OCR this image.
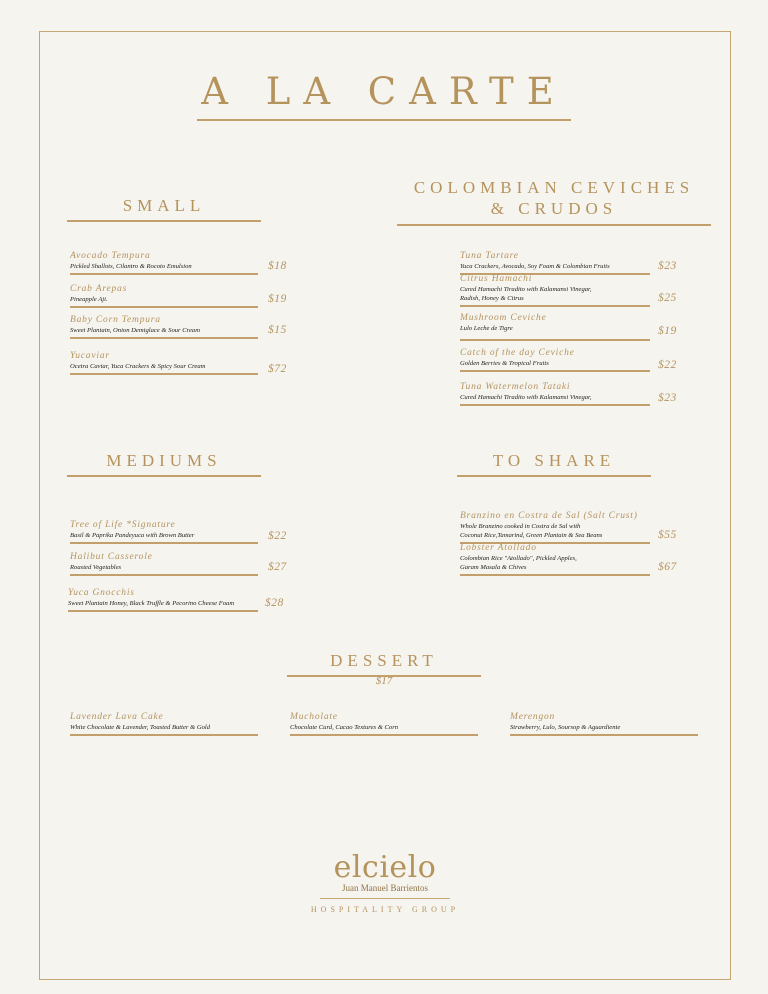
A LA CARTE
SMALL
Avocado Tempura
Pickled Shallots, Cilantro & Rocoto Emulsion	$18
Crab Arepas
Pineapple Aji.	$19
Baby Corn Tempura
Sweet Plantain, Onion Demiglace & Sour Cream	$15
Yucaviar
Ocetra Caviar, Yuca Crackers & Spicy Sour Cream	$72
COLOMBIAN CEVICHES
& CRUDOS
Tuna Tartare
Yuca Crackers, Avocado, Soy Foam & Colombian Fruits	$23
Citrus Hamachi
Cured Hamachi Tiradito with Kalamansi Vinegar,
Radish, Honey & Citrus	$25
Mushroom Ceviche
Lulo Leche de Tigre	$19
Catch of the day Ceviche
Golden Berries & Tropical Fruits	$22
Tuna Watermelon Tataki
Cured Hamachi Tiradito with Kalamansi Vinegar,	$23
MEDIUMS
Tree of Life *Signature
Basil & Paprika Pandeyuca with Brown Butter	$22
Halibut Casserole
Roasted Vegetables	$27
Yuca Gnocchis
Sweet Plantain Honey, Black Truffle & Pecorino Cheese Foam	$28
TO SHARE
Branzino en Costra de Sal (Salt Crust)
Whole Branzino cooked in Costra de Sal with
Coconut Rice,Tamarind, Green Plantain & Sea Beans	$55
Lobster Atollado
Colombian Rice "Atollado", Pickled Apples,
Garam Masala & Chives	$67
DESSERT
$17
Lavender Lava Cake
White Chocolate & Lavender, Toasted Butter & Gold
Mucholate
Chocolate Curd, Cacao Textures & Corn
Merengon
Strawberry, Lulo, Soursop & Aguardiente
elcielo
Juan Manuel Barrientos
HOSPITALITY GROUP
